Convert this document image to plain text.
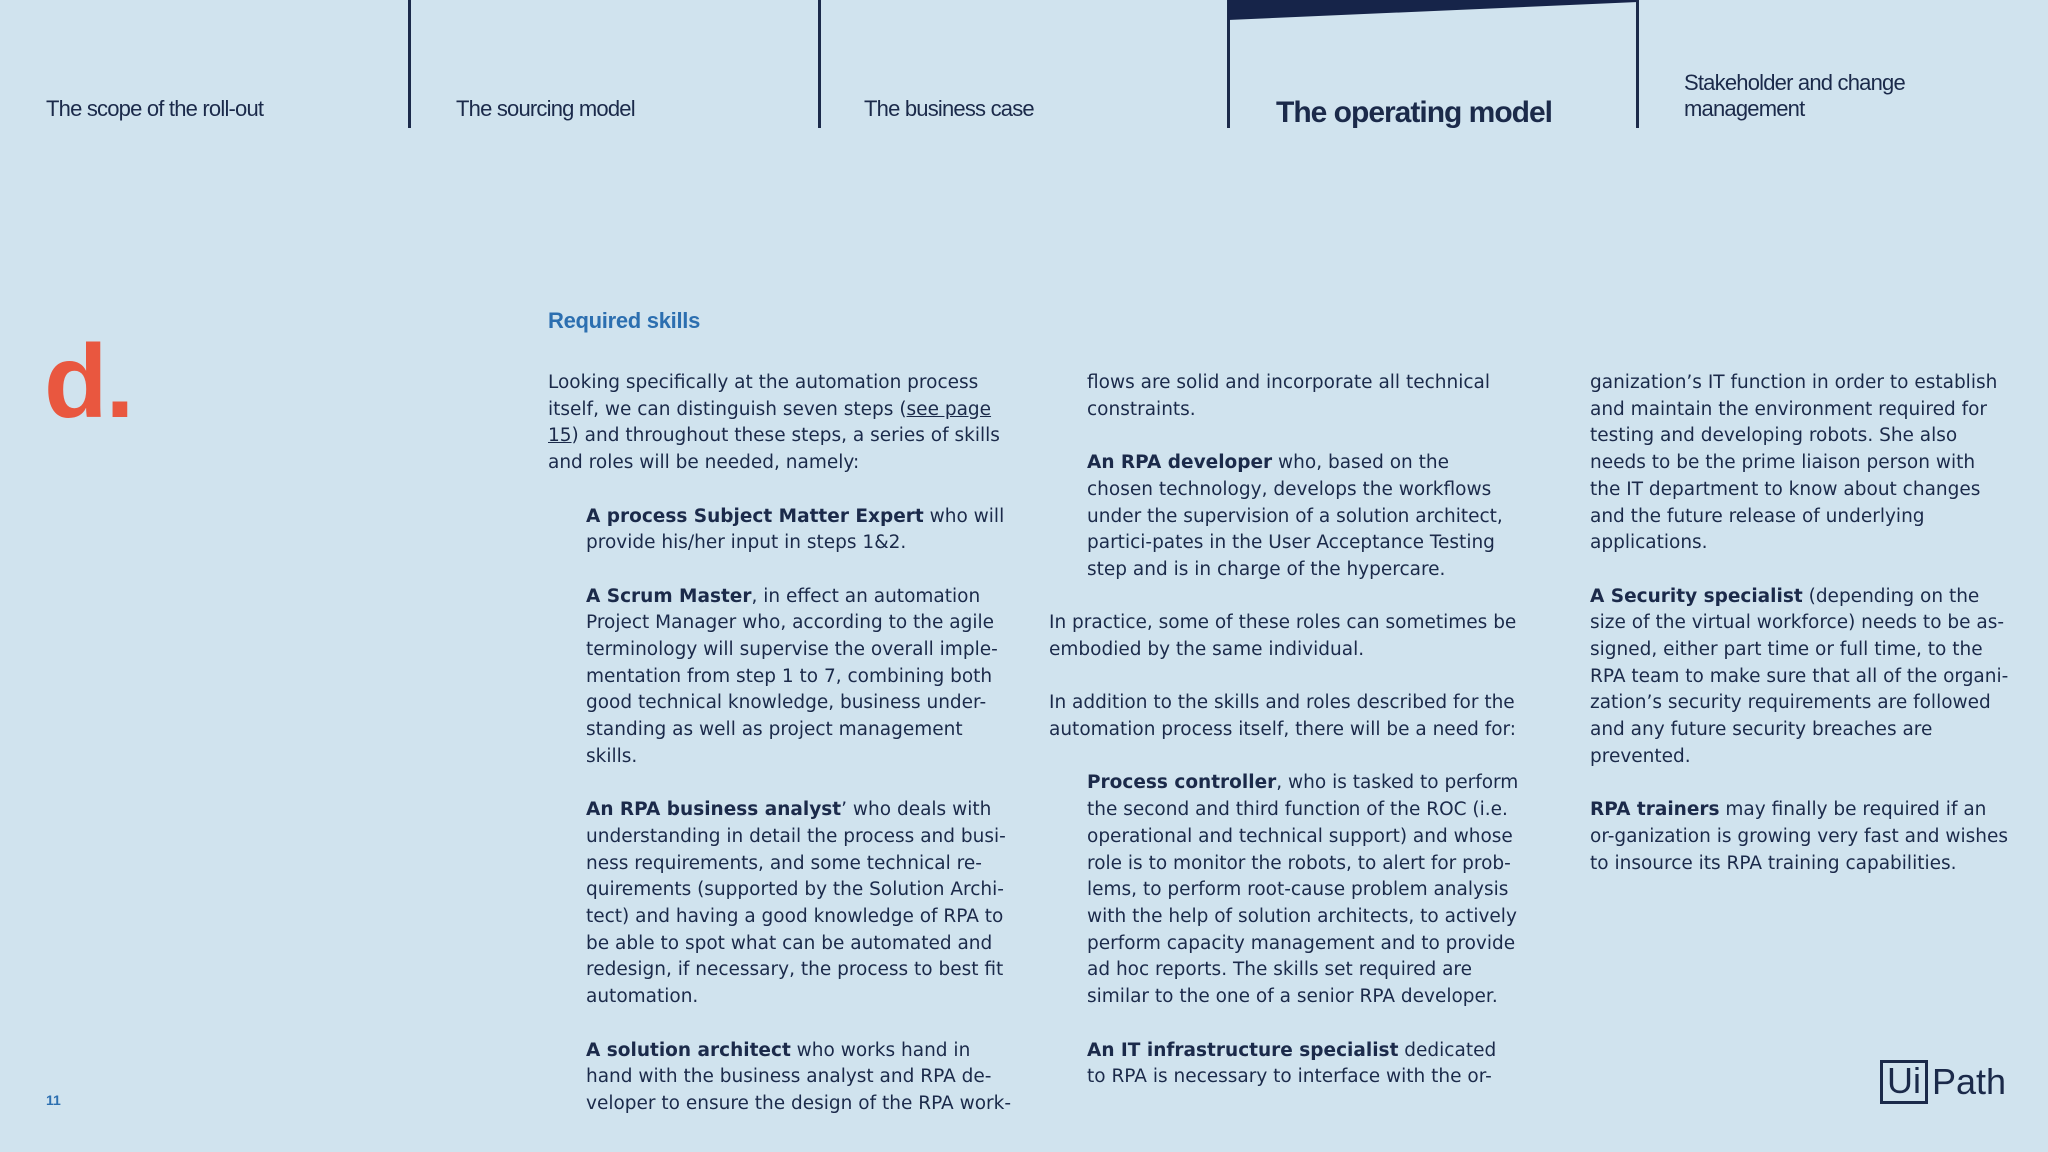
The scope of the roll-out	The sourcing model	The business case	The operating model
Stakeholder and change management
d.
11
Required skills

Looking specifically at the automation process itself, we can distinguish seven steps (see page 15) and throughout these steps, a series of skills and roles will be needed, namely:

A process Subject Matter Expert who will provide his/her input in steps 1&2.

A Scrum Master, in effect an automation Project Manager who, according to the agile terminology will supervise the overall imple-mentation from step 1 to 7, combining both good technical knowledge, business under-standing as well as project management skills.

An RPA business analyst’ who deals with understanding in detail the process and busi-ness requirements, and some technical re-quirements (supported by the Solution Archi-tect) and having a good knowledge of RPA to be able to spot what can be automated and redesign, if necessary, the process to best fit automation.

A solution architect who works hand in hand with the business analyst and RPA de-veloper to ensure the design of the RPA work-

flows are solid and incorporate all technical constraints.

An RPA developer who, based on the chosen technology, develops the workflows under the supervision of a solution architect, partici-pates in the User Acceptance Testing step and is in charge of the hypercare.

In practice, some of these roles can sometimes be embodied by the same individual.

In addition to the skills and roles described for the automation process itself, there will be a need for:

Process controller, who is tasked to perform the second and third function of the ROC (i.e. operational and technical support) and whose role is to monitor the robots, to alert for prob-lems, to perform root-cause problem analysis with the help of solution architects, to actively perform capacity management and to provide ad hoc reports. The skills set required are similar to the one of a senior RPA developer.

An IT infrastructure specialist dedicated to RPA is necessary to interface with the or-

ganization’s IT function in order to establish and maintain the environment required for testing and developing robots. She also needs to be the prime liaison person with the IT department to know about changes and the future release of underlying applications.

A Security specialist (depending on the size of the virtual workforce) needs to be as-signed, either part time or full time, to the RPA team to make sure that all of the organi-zation’s security requirements are followed and any future security breaches are prevented.

RPA trainers may finally be required if an or-ganization is growing very fast and wishes to insource its RPA training capabilities.

Ui Path
